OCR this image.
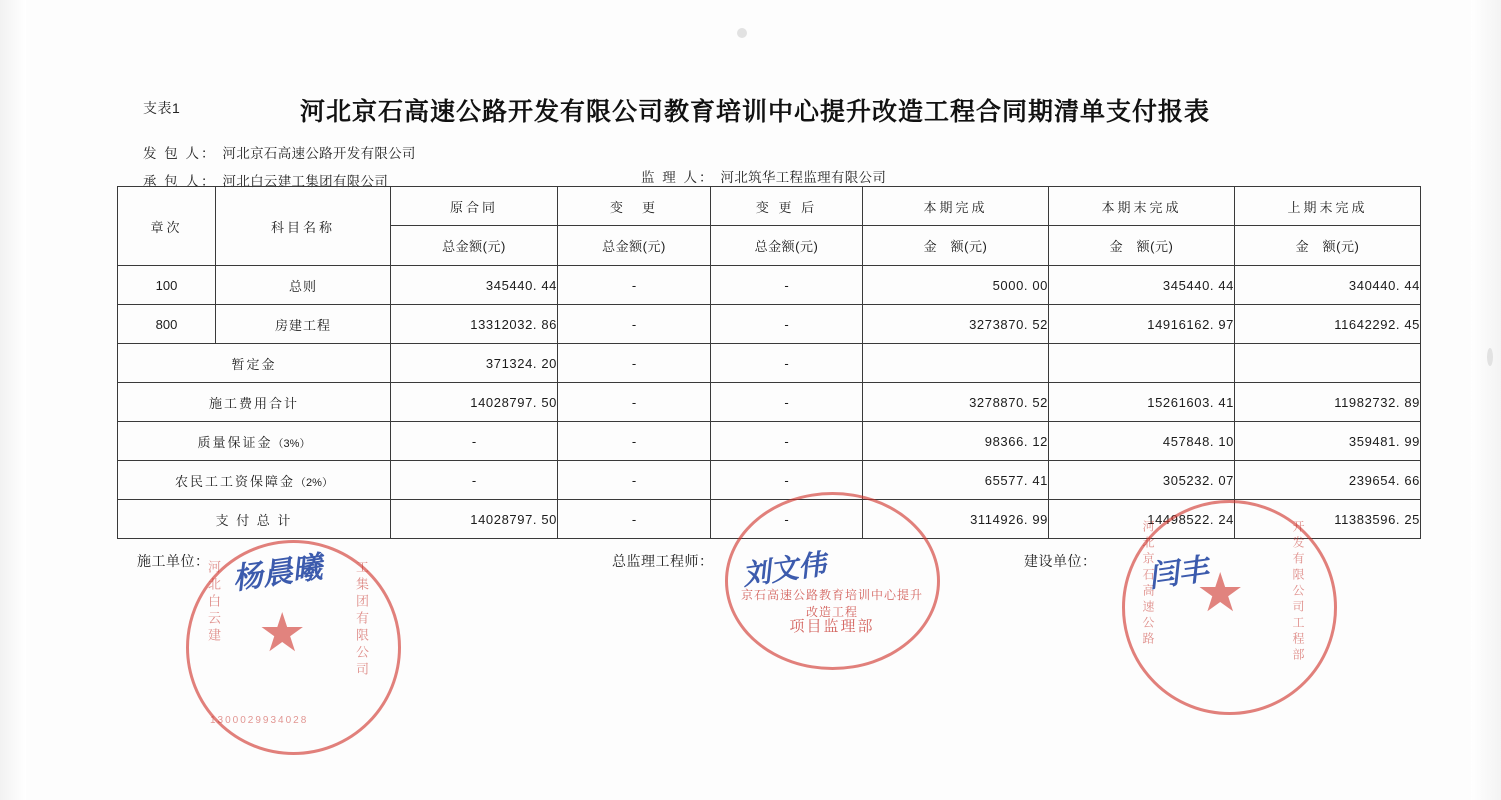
支表1	河北京石高速公路开发有限公司教育培训中心提升改造工程合同期清单支付报表
发 包 人： 河北京石高速公路开发有限公司
承 包 人： 河北白云建工集团有限公司	监 理 人： 河北筑华工程监理有限公司
章次	科目名称	原合同	变　更	变 更 后	本期完成	本期末完成	上期末完成
		总金额(元)	总金额(元)	总金额(元)	金　额(元)	金　额(元)	金　额(元)
100	总则	345440. 44	-	-	5000. 00	345440. 44	340440. 44
800	房建工程	13312032. 86	-	-	3273870. 52	14916162. 97	11642292. 45
暂定金		371324. 20	-	-			
施工费用合计		14028797. 50	-	-	3278870. 52	15261603. 41	11982732. 89
质量保证金（3%）		-	-	-	98366. 12	457848. 10	359481. 99
农民工工资保障金（2%）		-	-	-	65577. 41	305232. 07	239654. 66
支 付 总 计		14028797. 50	-	-	3114926. 99	14498522. 24	11383596. 25
施工单位：	总监理工程师：	建设单位：
★
河北白云建	工集团有限公司
1300029934028
杨晨曦	京石高速公路教育培训中心提升改造工程
项目监理部
刘文伟	★
河北京石高速公路	开发有限公司工程部
闫丰
